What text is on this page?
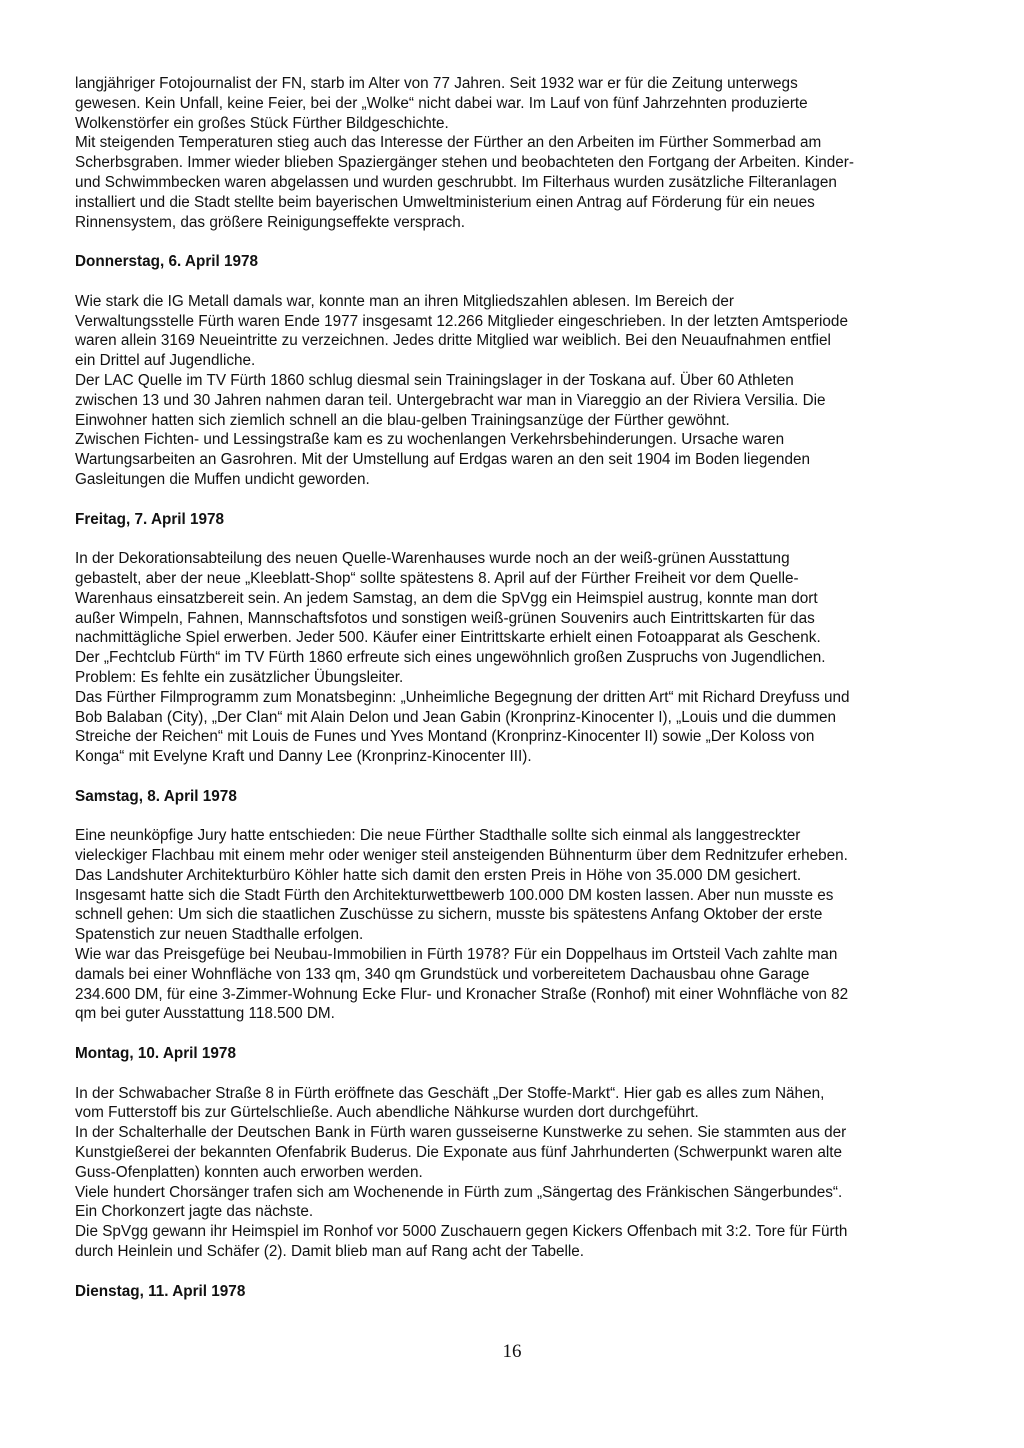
langjähriger Fotojournalist der FN, starb im Alter von 77 Jahren. Seit 1932 war er für die Zeitung unterwegs
gewesen. Kein Unfall, keine Feier, bei der „Wolke“ nicht dabei war. Im Lauf von fünf Jahrzehnten produzierte
Wolkenstörfer ein großes Stück Fürther Bildgeschichte.
Mit steigenden Temperaturen stieg auch das Interesse der Fürther an den Arbeiten im Fürther Sommerbad am
Scherbsgraben. Immer wieder blieben Spaziergänger stehen und beobachteten den Fortgang der Arbeiten. Kinder-
und Schwimmbecken waren abgelassen und wurden geschrubbt. Im Filterhaus wurden zusätzliche Filteranlagen
installiert und die Stadt stellte beim bayerischen Umweltministerium einen Antrag auf Förderung für ein neues
Rinnensystem, das größere Reinigungseffekte versprach.

Donnerstag, 6. April 1978

Wie stark die IG Metall damals war, konnte man an ihren Mitgliedszahlen ablesen. Im Bereich der
Verwaltungsstelle Fürth waren Ende 1977 insgesamt 12.266 Mitglieder eingeschrieben. In der letzten Amtsperiode
waren allein 3169 Neueintritte zu verzeichnen. Jedes dritte Mitglied war weiblich. Bei den Neuaufnahmen entfiel
ein Drittel auf Jugendliche.
Der LAC Quelle im TV Fürth 1860 schlug diesmal sein Trainingslager in der Toskana auf. Über 60 Athleten
zwischen 13 und 30 Jahren nahmen daran teil. Untergebracht war man in Viareggio an der Riviera Versilia. Die
Einwohner hatten sich ziemlich schnell an die blau-gelben Trainingsanzüge der Fürther gewöhnt.
Zwischen Fichten- und Lessingstraße kam es zu wochenlangen Verkehrsbehinderungen. Ursache waren
Wartungsarbeiten an Gasrohren. Mit der Umstellung auf Erdgas waren an den seit 1904 im Boden liegenden
Gasleitungen die Muffen undicht geworden.

Freitag, 7. April 1978

In der Dekorationsabteilung des neuen Quelle-Warenhauses wurde noch an der weiß-grünen Ausstattung
gebastelt, aber der neue „Kleeblatt-Shop“ sollte spätestens 8. April auf der Fürther Freiheit vor dem Quelle-
Warenhaus einsatzbereit sein. An jedem Samstag, an dem die SpVgg ein Heimspiel austrug, konnte man dort
außer Wimpeln, Fahnen, Mannschaftsfotos und sonstigen weiß-grünen Souvenirs auch Eintrittskarten für das
nachmittägliche Spiel erwerben. Jeder 500. Käufer einer Eintrittskarte erhielt einen Fotoapparat als Geschenk.
Der „Fechtclub Fürth“ im TV Fürth 1860 erfreute sich eines ungewöhnlich großen Zuspruchs von Jugendlichen.
Problem: Es fehlte ein zusätzlicher Übungsleiter.
Das Fürther Filmprogramm zum Monatsbeginn: „Unheimliche Begegnung der dritten Art“ mit Richard Dreyfuss und
Bob Balaban (City), „Der Clan“ mit Alain Delon und Jean Gabin (Kronprinz-Kinocenter I), „Louis und die dummen
Streiche der Reichen“ mit Louis de Funes und Yves Montand (Kronprinz-Kinocenter II) sowie „Der Koloss von
Konga“ mit Evelyne Kraft und Danny Lee (Kronprinz-Kinocenter III).

Samstag, 8. April 1978

Eine neunköpfige Jury hatte entschieden: Die neue Fürther Stadthalle sollte sich einmal als langgestreckter
vieleckiger Flachbau mit einem mehr oder weniger steil ansteigenden Bühnenturm über dem Rednitzufer erheben.
Das Landshuter Architekturbüro Köhler hatte sich damit den ersten Preis in Höhe von 35.000 DM gesichert.
Insgesamt hatte sich die Stadt Fürth den Architekturwettbewerb 100.000 DM kosten lassen. Aber nun musste es
schnell gehen: Um sich die staatlichen Zuschüsse zu sichern, musste bis spätestens Anfang Oktober der erste
Spatenstich zur neuen Stadthalle erfolgen.
Wie war das Preisgefüge bei Neubau-Immobilien in Fürth 1978? Für ein Doppelhaus im Ortsteil Vach zahlte man
damals bei einer Wohnfläche von 133 qm, 340 qm Grundstück und vorbereitetem Dachausbau ohne Garage
234.600 DM, für eine 3-Zimmer-Wohnung Ecke Flur- und Kronacher Straße (Ronhof) mit einer Wohnfläche von 82
qm bei guter Ausstattung 118.500 DM.

Montag, 10. April 1978

In der Schwabacher Straße 8 in Fürth eröffnete das Geschäft „Der Stoffe-Markt“. Hier gab es alles zum Nähen,
vom Futterstoff bis zur Gürtelschließe. Auch abendliche Nähkurse wurden dort durchgeführt.
In der Schalterhalle der Deutschen Bank in Fürth waren gusseiserne Kunstwerke zu sehen. Sie stammten aus der
Kunstgießerei der bekannten Ofenfabrik Buderus. Die Exponate aus fünf Jahrhunderten (Schwerpunkt waren alte
Guss-Ofenplatten) konnten auch erworben werden.
Viele hundert Chorsänger trafen sich am Wochenende in Fürth zum „Sängertag des Fränkischen Sängerbundes“.
Ein Chorkonzert jagte das nächste.
Die SpVgg gewann ihr Heimspiel im Ronhof vor 5000 Zuschauern gegen Kickers Offenbach mit 3:2. Tore für Fürth
durch Heinlein und Schäfer (2). Damit blieb man auf Rang acht der Tabelle.

Dienstag, 11. April 1978

16
